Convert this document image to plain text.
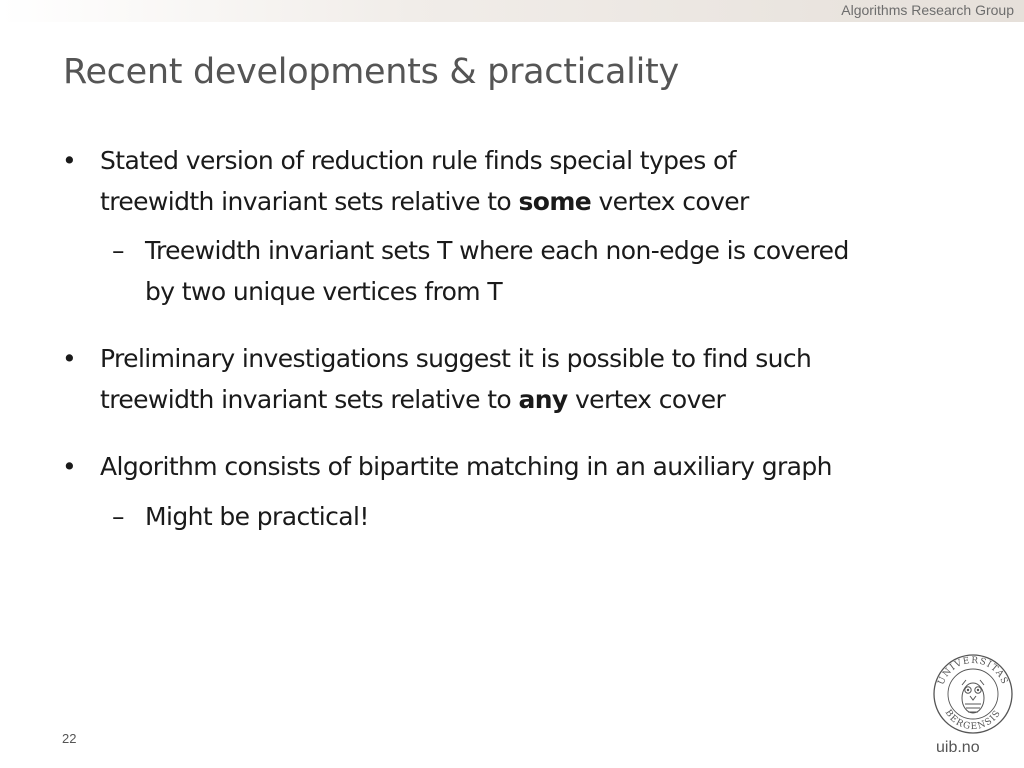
Algorithms Research Group
Recent developments & practicality
• Stated version of reduction rule finds special types of
treewidth invariant sets relative to some vertex cover
– Treewidth invariant sets T where each non-edge is covered
by two unique vertices from T
• Preliminary investigations suggest it is possible to find such
treewidth invariant sets relative to any vertex cover
• Algorithm consists of bipartite matching in an auxiliary graph
– Might be practical!
22
UNIVERSITAS
BERGENSIS
uib.no
